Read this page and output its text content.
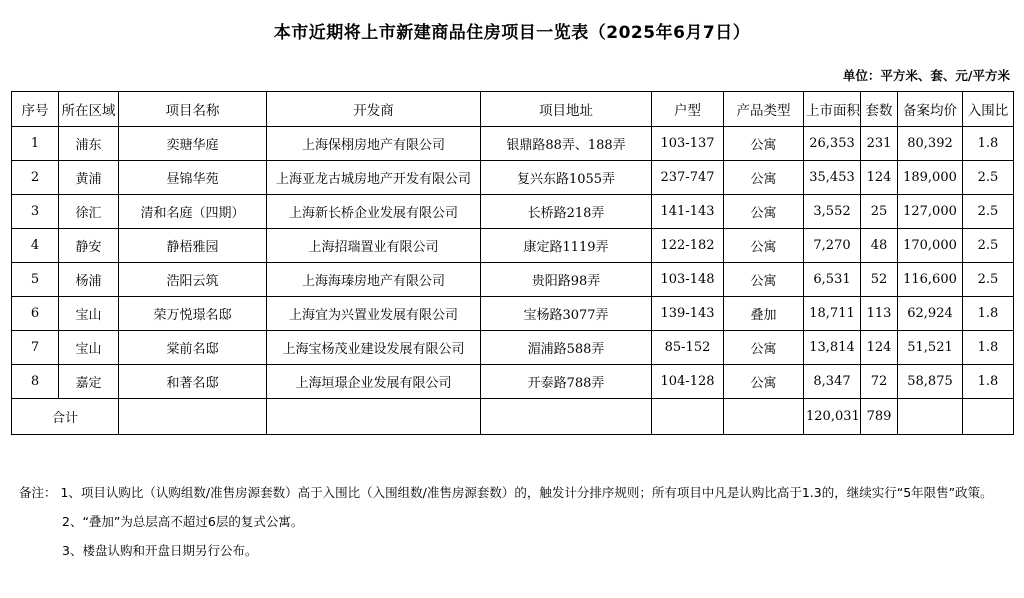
本市近期将上市新建商品住房项目一览表（2025年6月7日）
单位：平方米、套、元/平方米
序号	所在区域	项目名称	开发商	项目地址	户型	产品类型	上市面积	套数	备案均价	入围比
1	浦东	奕瑭华庭	上海保栩房地产有限公司	银鼎路88弄、188弄	103-137	公寓	26,353	231	80,392	1.8
2	黄浦	昼锦华苑	上海亚龙古城房地产开发有限公司	复兴东路1055弄	237-747	公寓	35,453	124	189,000	2.5
3	徐汇	清和名庭（四期）	上海新长桥企业发展有限公司	长桥路218弄	141-143	公寓	3,552	25	127,000	2.5
4	静安	静梧雅园	上海招瑞置业有限公司	康定路1119弄	122-182	公寓	7,270	48	170,000	2.5
5	杨浦	浩阳云筑	上海海瑧房地产有限公司	贵阳路98弄	103-148	公寓	6,531	52	116,600	2.5
6	宝山	荣万悦璟名邸	上海宜为兴置业发展有限公司	宝杨路3077弄	139-143	叠加	18,711	113	62,924	1.8
7	宝山	棠前名邸	上海宝杨茂业建设发展有限公司	湄浦路588弄	85-152	公寓	13,814	124	51,521	1.8
8	嘉定	和著名邸	上海垣璟企业发展有限公司	开泰路788弄	104-128	公寓	8,347	72	58,875	1.8
合计							120,031	789		
备注： 1、项目认购比（认购组数/准售房源套数）高于入围比（入围组数/准售房源套数）的，触发计分排序规则；所有项目中凡是认购比高于1.3的，继续实行“5年限售”政策。
2、“叠加”为总层高不超过6层的复式公寓。
3、楼盘认购和开盘日期另行公布。
